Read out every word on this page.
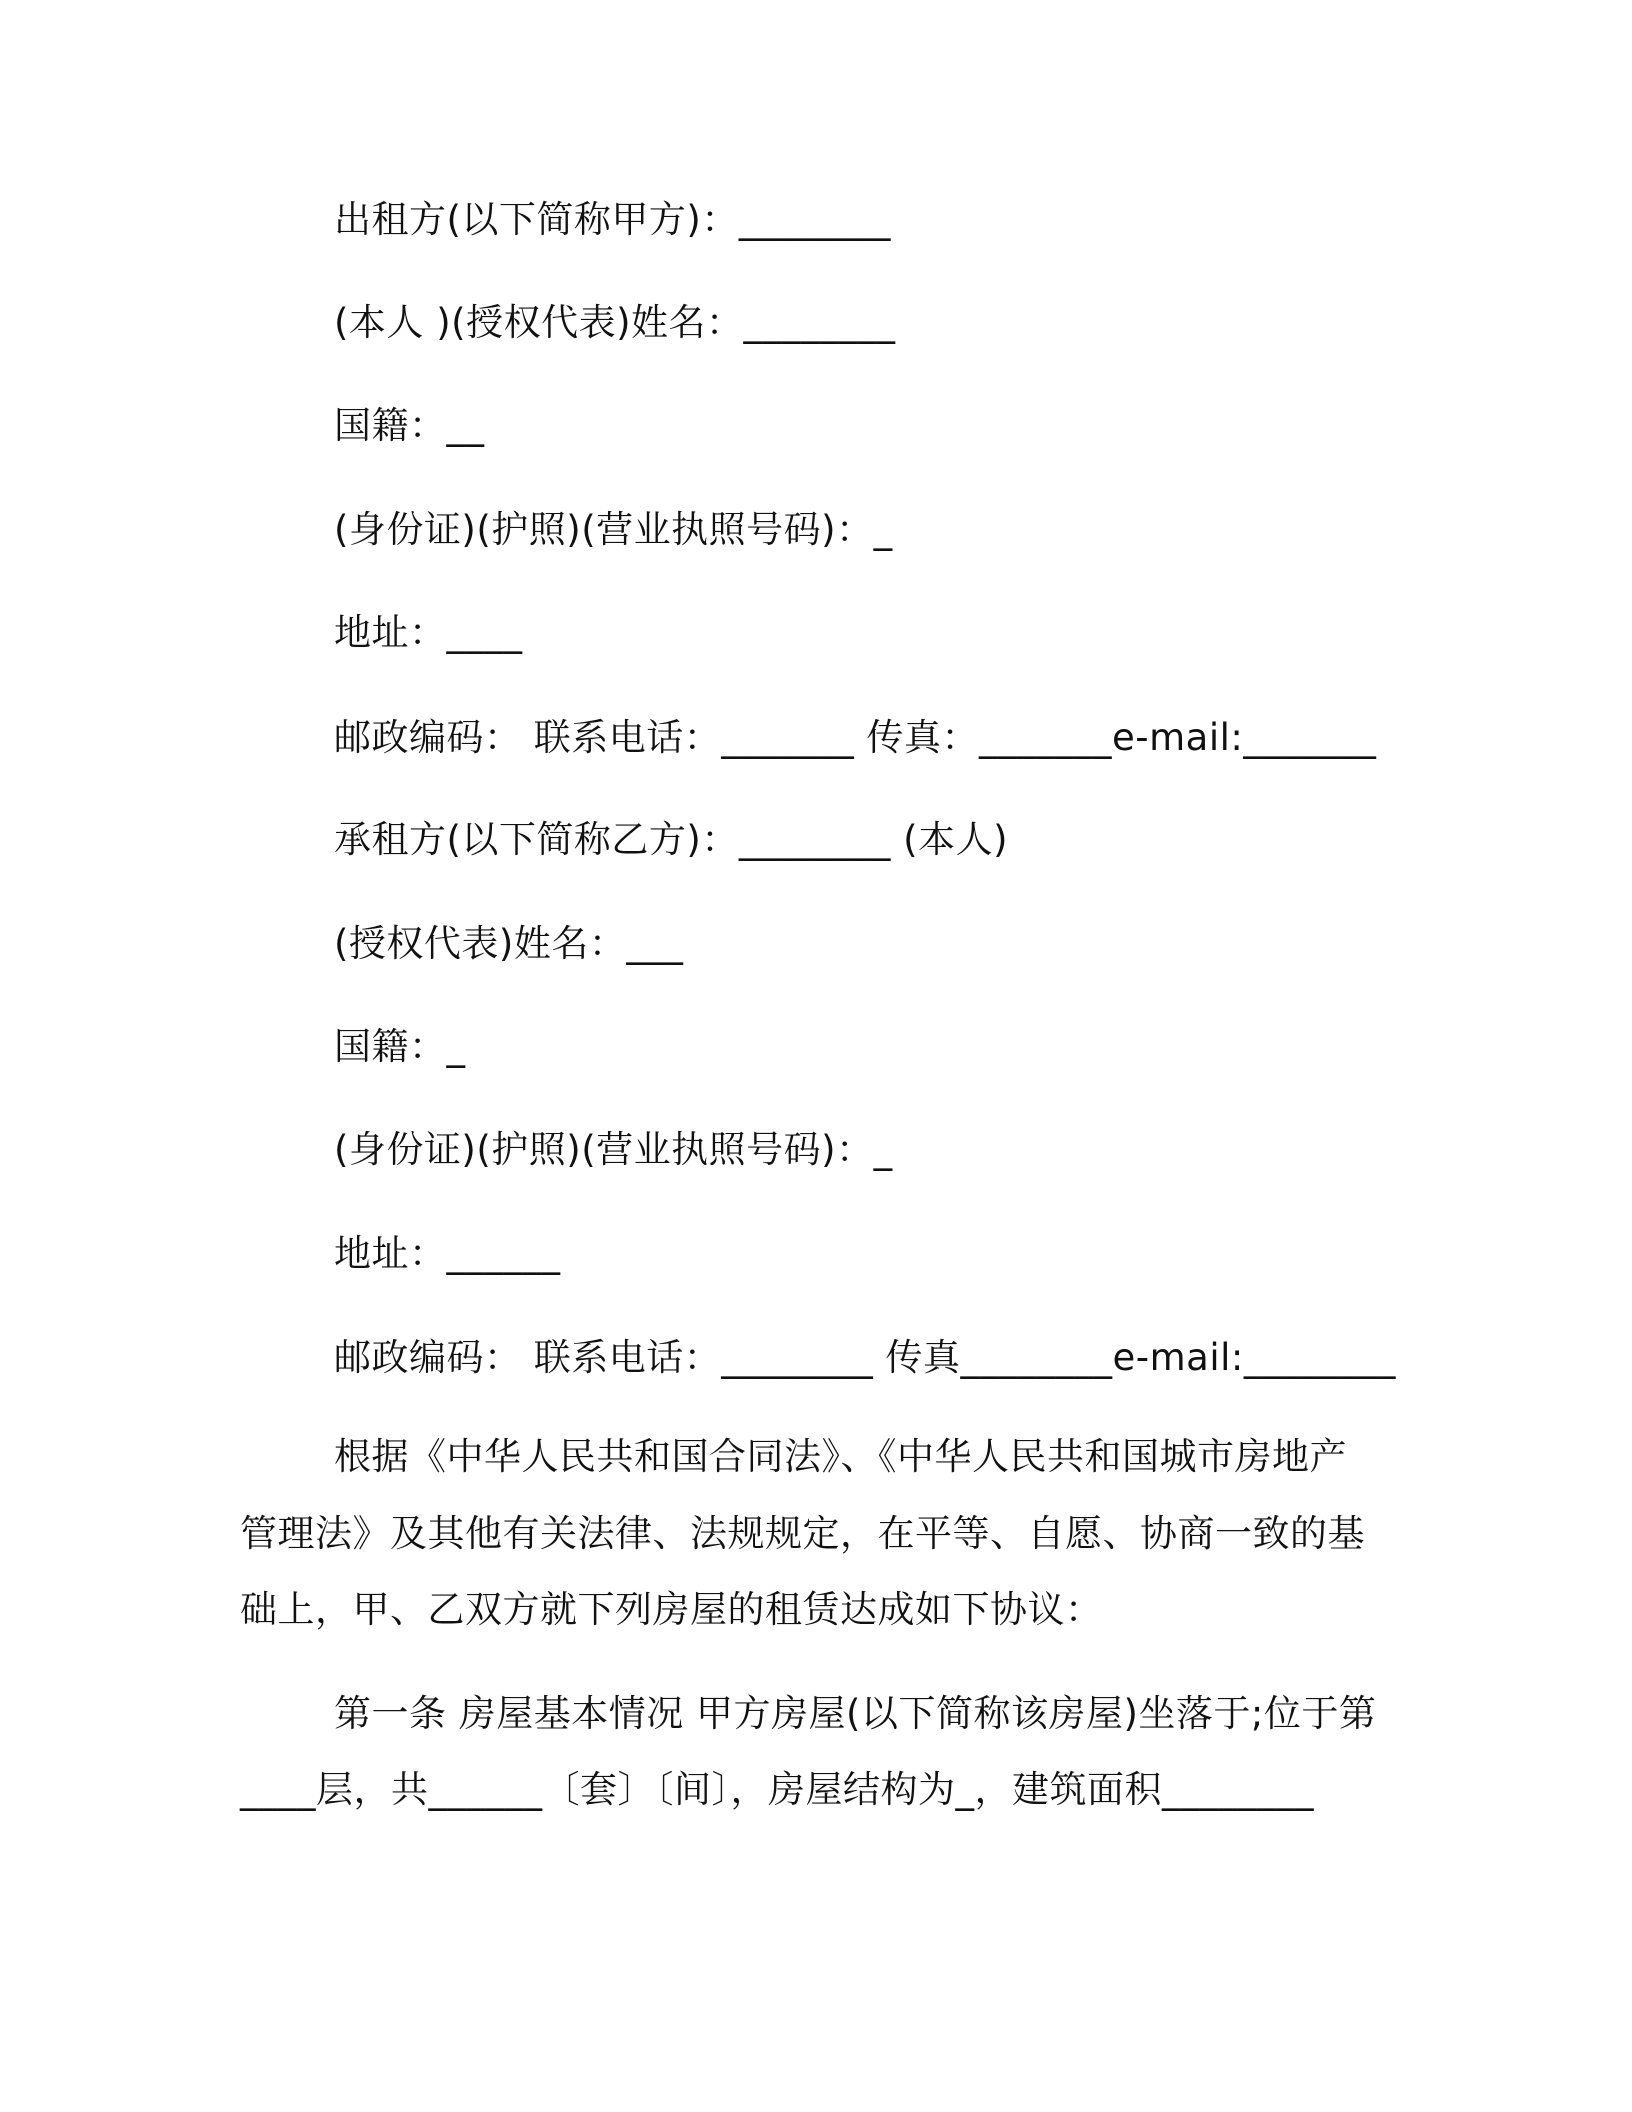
出租方(以下简称甲方)：________
(本人 )(授权代表)姓名：________
国籍：__
(身份证)(护照)(营业执照号码)：_
地址：____
邮政编码： 联系电话：_______ 传真：_______e-mail:_______
承租方(以下简称乙方)：________ (本人)
(授权代表)姓名：___
国籍：_
(身份证)(护照)(营业执照号码)：_
地址：______
邮政编码： 联系电话：________ 传真________e-mail:________
根据《中华人民共和国合同法》、《中华人民共和国城市房地产
管理法》及其他有关法律、法规规定，在平等、自愿、协商一致的基
础上，甲、乙双方就下列房屋的租赁达成如下协议：
第一条 房屋基本情况 甲方房屋(以下简称该房屋)坐落于;位于第
____层，共______〔套〕〔间〕，房屋结构为_，建筑面积________
